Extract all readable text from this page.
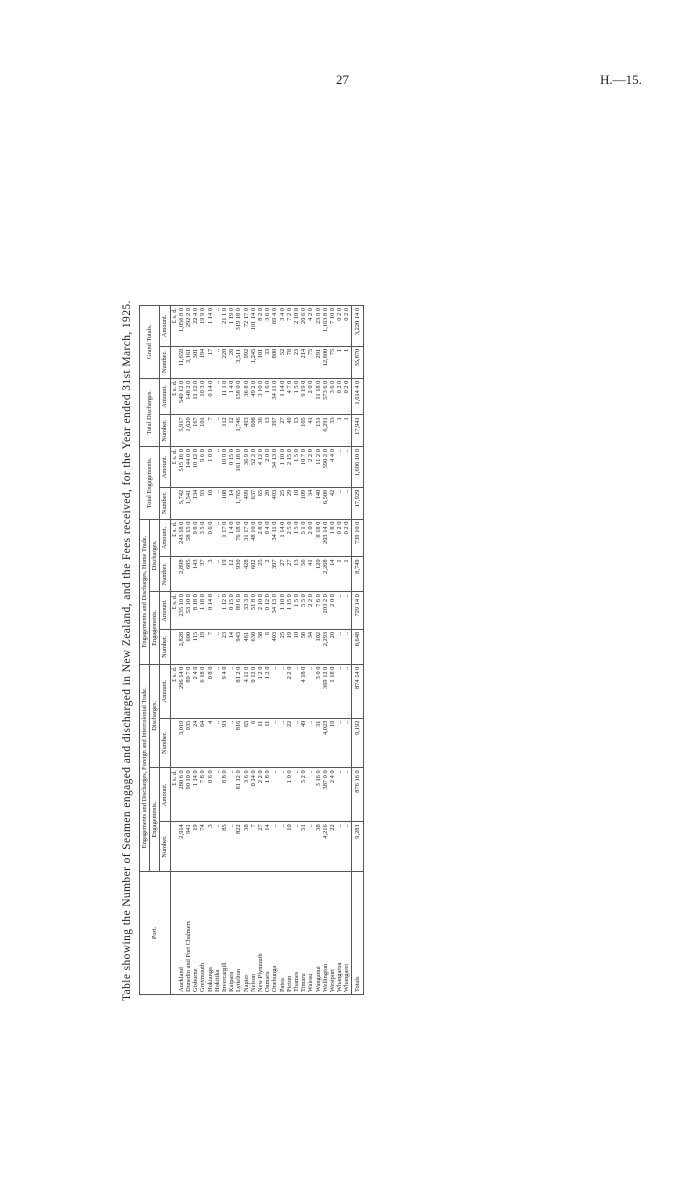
27	H.—15.
Table showing the Number of Seamen engaged and discharged in New Zealand, and the Fees received, for the Year ended 31st March, 1925.	Port.	Engagements and Discharges, Foreign and Intercolonial Trade.				Engagements and Discharges, Home Trade.				Total Engagements.		Total Discharges.		Grand Totals.	
	Engagements.		Discharges.		Engagements.		Discharges.							
	Number.	Amount.	Number.	Amount.	Number.	Amount.	Number.	Amount.	Number.	Amount.	Number.	Amount.	Number.	Amount.
		£ s. d.		£ s. d.		£ s. d.		£ s. d.		£ s. d.		£ s. d.		£ s. d.
Auckland	2,914	280 6 0	3,019	296 14 0	2,828	235 10 0	2,898	243 18 0	5,742	515 16 0	5,917	540 12 0	11,659	1,056 8 0
Dunedin and Port Chalmers	941	90 10 0	935	89 7 0	600	53 10 0	685	58 15 0	1,541	144 0 0	1,620	148 2 0	3,161	292 2 0
Gisborne	19	1 14 0	24	2 4 0	115	8 18 0	143	9 8 0	134	10 12 0	167	11 12 0	301	22 4 0
Greymouth	74	7 8 0	64	6 18 0	19	1 18 0	37	3 5 0	93	9 6 0	101	10 3 0	194	19 9 0
Hokianga	3	0 6 0	4	0 8 0	7	0 14 0	3	0 6 0	10	1 0 0	7	0 14 0	17	1 14 0
Hokitika	..	..	..	..	..	..	..	..	..	..	..	..	..	..
Invercargill	85	8 8 0	93	9 4 0	23	1 12 0	19	1 17 0	108	10 0 0	112	11 1 0	220	21 1 0
Kaipara	..	..	..	..	14	0 15 0	12	1 4 0	14	0 15 0	12	1 4 0	26	1 19 0
Lyttelton	822	81 12 0	816	81 2 0	943	89 6 0	930	76 18 0	1,765	161 18 0	1,746	158 0 0	3,511	319 18 0
Napier	38	3 6 0	65	4 11 0	461	33 3 0	428	31 17 0	499	36 9 0	493	36 8 0	992	72 17 0
Nelson	7	0 14 0	6	0 12 0	630	51 8 0	602	48 10 0	637	52 2 0	608	49 2 0	1,245	101 14 0
New Plymouth	27	2 2 0	11	1 2 0	38	2 10 0	25	2 8 0	65	4 12 0	36	3 10 0	101	8 2 0
Oamaru	14	1 8 0	11	1 2 0	6	0 12 0	2	0 4 0	20	2 0 0	13	1 6 0	33	3 6 0
Onehunga	..	..	..	..	403	34 13 0	397	34 11 0	403	34 13 0	397	34 11 0	800	69 4 0
Patea	..	..	..	..	25	1 10 0	27	1 14 0	25	1 10 0	27	1 14 0	52	3 4 0
Picton	10	1 0 0	22	2 2 0	19	1 15 0	27	2 5 0	29	2 15 0	49	4 7 0	78	7 2 0
Thames	..	..	..	..	10	1 5 0	13	1 5 0	10	1 5 0	13	1 5 0	23	2 10 0
Timaru	51	5 2 0	49	4 18 0	58	5 5 0	56	5 1 0	109	10 7 0	105	9 19 0	214	20 6 0
Wairau	..	..	..	..	34	2 2 0	41	2 0 0	34	2 2 0	41	2 0 0	75	4 2 0
Wanganui	38	3 16 0	31	3 0 0	102	7 6 0	120	8 18 0	140	11 2 0	151	11 18 0	291	23 0 0
Wellington	4,216	387 0 0	4,023	369 12 0	2,293	203 2 0	2,268	203 14 0	6,509	590 2 0	6,291	573 6 0	12,800	1,163 8 0
Westport	22	2 4 0	19	1 18 0	20	2 0 0	14	1 8 0	42	4 4 0	33	3 6 0	75	7 10 0
Whangaroa	..	..	..	..	..	..	1	0 2 0	..	..	1	0 2 0	1	0 2 0
Whangarei	..	..	..	..	..	..	1	0 2 0	..	..	1	0 2 0	1	0 2 0
Totals	9,281	876 16 0	9,192	874 14 0	8,648	729 14 0	8,749	739 10 0	17,929	1,606 10 0	17,941	1,614 4 0	35,870	3,220 14 0
